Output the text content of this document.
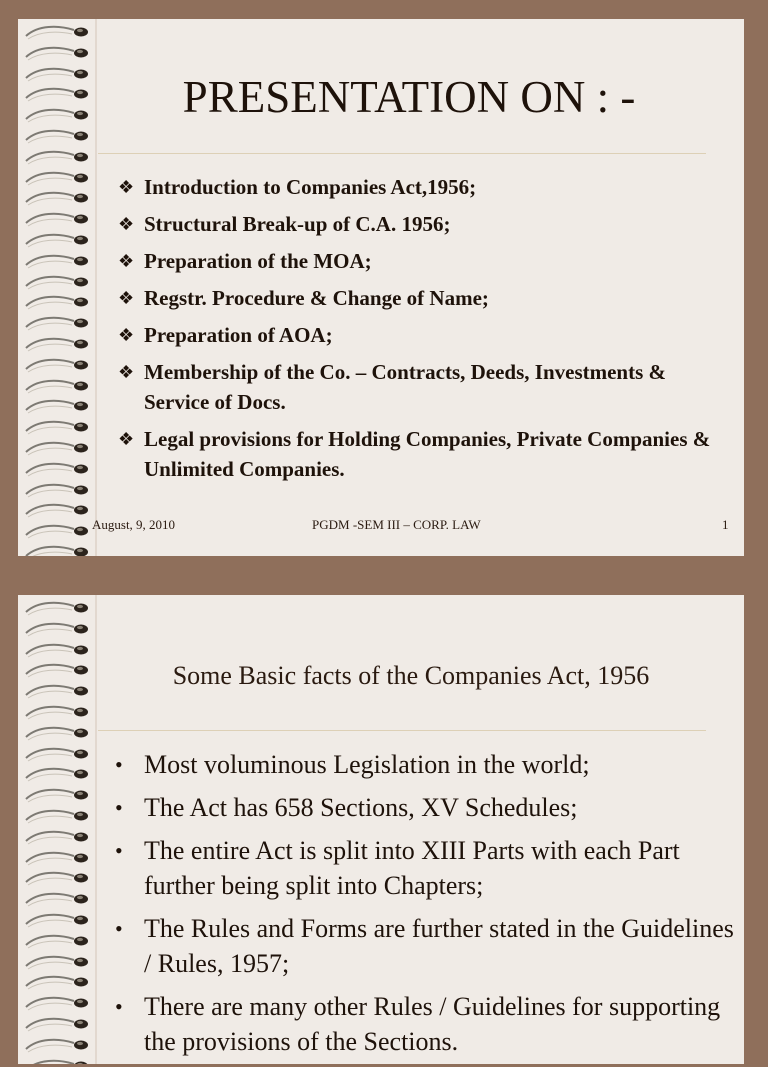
PRESENTATION ON : -
❖ Introduction to Companies Act,1956;
❖ Structural Break-up of C.A. 1956;
❖ Preparation of the MOA;
❖ Regstr. Procedure & Change of Name;
❖ Preparation of AOA;
❖ Membership of the Co. – Contracts, Deeds, Investments & Service of Docs.
❖ Legal provisions for Holding Companies, Private Companies & Unlimited Companies.
August, 9, 2010	PGDM -SEM III – CORP. LAW	1
Some Basic facts of the Companies Act, 1956
• Most voluminous Legislation in the world;
• The Act has 658 Sections, XV Schedules;
• The entire Act is split into XIII Parts with each Part further being split into Chapters;
• The Rules and Forms are further stated in the Guidelines / Rules, 1957;
• There are many other Rules / Guidelines for supporting the provisions of the Sections.
